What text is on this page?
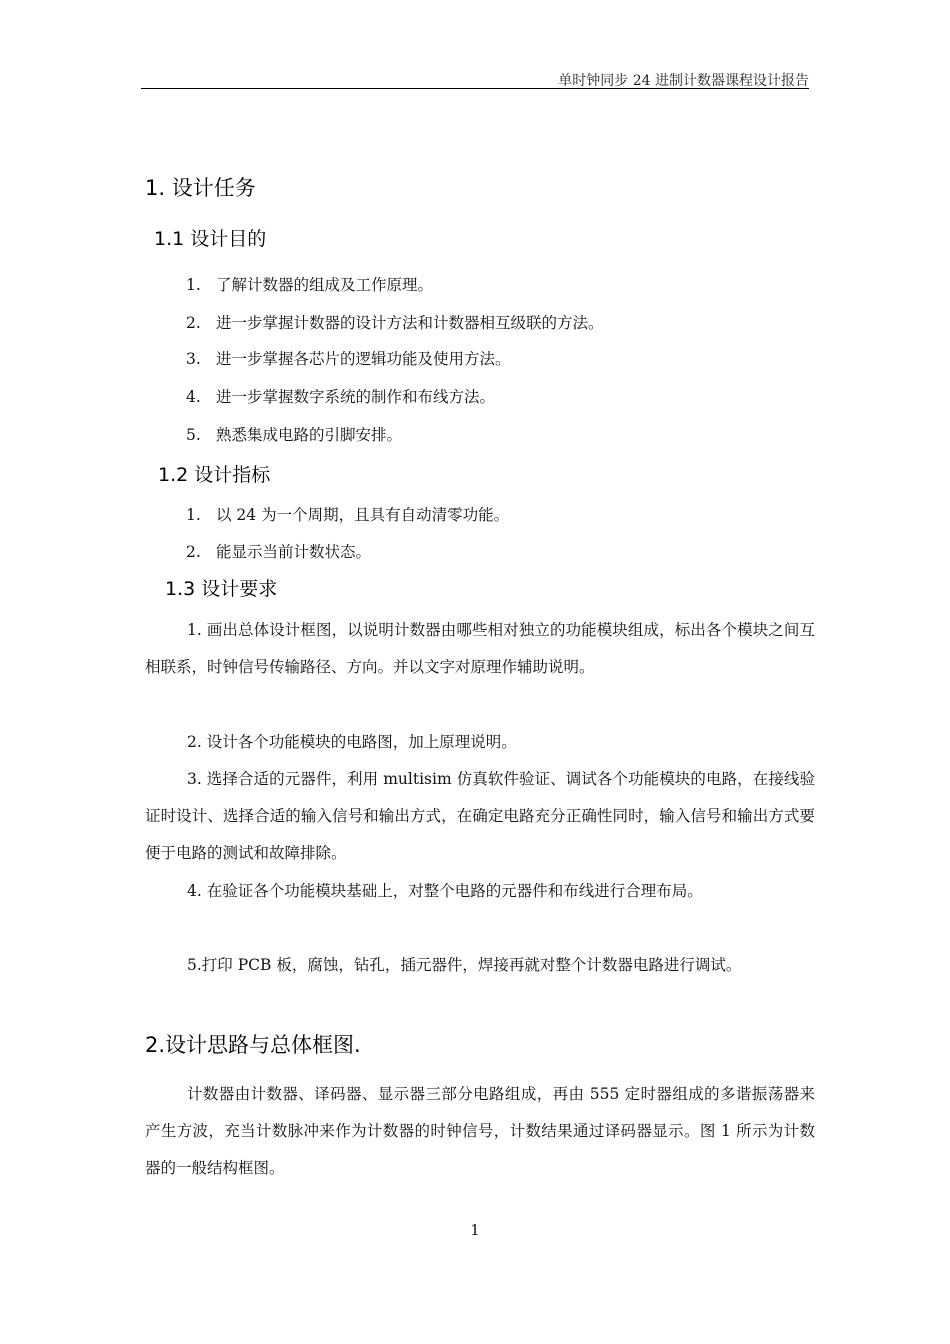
单时钟同步 24 进制计数器课程设计报告
1. 设计任务
1.1 设计目的
1. 了解计数器的组成及工作原理。
2. 进一步掌握计数器的设计方法和计数器相互级联的方法。
3. 进一步掌握各芯片的逻辑功能及使用方法。
4. 进一步掌握数字系统的制作和布线方法。
5. 熟悉集成电路的引脚安排。
1.2 设计指标
1. 以 24 为一个周期，且具有自动清零功能。
2. 能显示当前计数状态。
1.3 设计要求
1. 画出总体设计框图，以说明计数器由哪些相对独立的功能模块组成，标出各个模块之间互相联系，时钟信号传输路径、方向。并以文字对原理作辅助说明。
2. 设计各个功能模块的电路图，加上原理说明。
3. 选择合适的元器件，利用 multisim 仿真软件验证、调试各个功能模块的电路，在接线验证时设计、选择合适的输入信号和输出方式，在确定电路充分正确性同时，输入信号和输出方式要便于电路的测试和故障排除。
4. 在验证各个功能模块基础上，对整个电路的元器件和布线进行合理布局。
5.打印 PCB 板，腐蚀，钻孔，插元器件，焊接再就对整个计数器电路进行调试。
2.设计思路与总体框图.
计数器由计数器、译码器、显示器三部分电路组成，再由 555 定时器组成的多谐振荡器来产生方波，充当计数脉冲来作为计数器的时钟信号，计数结果通过译码器显示。图 1 所示为计数器的一般结构框图。
1
